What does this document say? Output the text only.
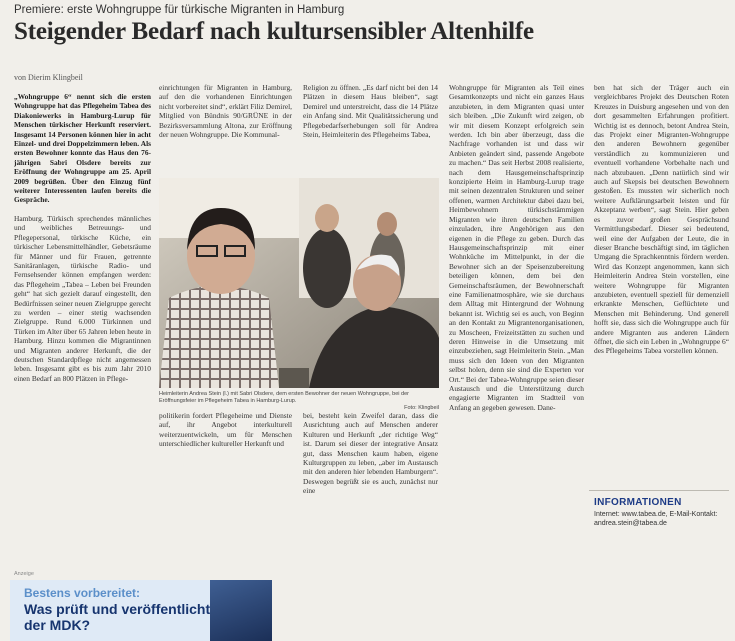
Premiere: erste Wohngruppe für türkische Migranten in Hamburg
Steigender Bedarf nach kultursensibler Altenhilfe
von Dierim Klingbeil

„Wohngruppe 6“ nennt sich die ersten Wohngruppe hat das Pflegeheim Tabea des Diakoniewerks in Hamburg-Lurup für Menschen türkischer Herkunft reserviert. Insgesamt 14 Personen können hier in acht Einzel- und drei Doppelzimmern leben. Als ersten Bewohner konnte das Haus den 76-jährigen Sabri Olsdere bereits zur Eröffnung der Wohngruppe am 25. April 2009 begrüßen. Über den Einzug fünf weiterer Interessenten laufen bereits die Gespräche.

Hamburg. Türkisch sprechendes männliches und weibliches Betreuungs- und Pflegepersonal, türkische Küche, ein türkischer Lebensmittelhändler, Gebetsräume für Männer und für Frauen, getrennte Sanitäranlagen, türkische Radio- und Fernsehsender können empfangen werden: das Pflegeheim „Tabea – Leben bei Freunden geht“ hat sich gezielt darauf eingestellt, den Bedürfnissen seiner neuen Zielgruppe gerecht zu werden – einer stetig wachsenden Zielgruppe. Rund 6.000 Türkinnen und Türken im Alter über 65 Jahren leben heute in Hamburg. Hinzu kommen die Migrantinnen und Migranten anderer Herkunft, die der deutschen Standardpflege nicht angemessen leben. Insgesamt gibt es bis zum Jahr 2010 einen Bedarf an 800 Plätzen in Pflege-

einrichtungen für Migranten in Hamburg, auf den die vorhandenen Einrichtungen nicht vorbereitet sind“, erklärt Filiz Demirel, Mitglied von Bündnis 90/GRÜNE in der Bezirksversammlung Altona, zur Eröffnung der neuen Wohngruppe. Die Kommunal-

Religion zu öffnen. „Es darf nicht bei den 14 Plätzen in diesem Haus bleiben“, sagt Demirel und unterstreicht, dass die 14 Plätze ein Anfang sind. Mit Qualitätssicherung und Pflegebedarfserhebungen soll für Andrea Stein, Heimleiterin des Pflegeheims Tabea,

Heimleiterin Andrea Stein (l.) mit Sabri Olsdere, dem ersten Bewohner der neuen Wohngruppe, bei der Eröffnungsfeier im Pflegeheim Tabea in Hamburg-Lurup.
Foto: Klingbeil

politikerin fordert Pflegeheime und Dienste auf, ihr Angebot interkulturell weiterzuentwickeln, um für Menschen unterschiedlicher kultureller Herkunft und

bei, besteht kein Zweifel daran, dass die Ausrichtung auch auf Menschen anderer Kulturen und Herkunft „der richtige Weg“ ist. Darum sei dieser der integrative Ansatz gut, dass Menschen kaum haben, eigene Kulturgruppen zu leben, „aber im Austausch mit den anderen hier lebenden Hamburgern“. Deswegen begrüßt sie es auch, zunächst nur eine

Wohngruppe für Migranten als Teil eines Gesamtkonzepts und nicht ein ganzes Haus anzubieten, in dem Migranten quasi unter sich bleiben. „Die Zukunft wird zeigen, ob wir mit diesem Konzept erfolgreich sein werden. Ich bin aber überzeugt, dass die Nachfrage vorhanden ist und dass wir Anbieten geändert sind, passende Angebote zu machen.“ Das seit Herbst 2008 realisierte, nach dem Hausgemeinschaftsprinzip konzipierte Heim in Hamburg-Lurup trage mit seinen dezentralen Strukturen und seiner offenen, warmen Architektur dabei dazu bei, Heimbewohnern türkischstämmigen Migranten wie ihren deutschen Familien einzuladen, ihre Angehörigen aus den eigenen in die Pflege zu geben. Durch das Hausgemeinschaftsprinzip mit einer Wohnküche im Mittelpunkt, in der die Bewohner sich an der Speisenzubereitung beteiligen können, dem bei den Gemeinschaftsräumen, der Bewohnerschaft eine Familienatmosphäre, wie sie durchaus dem Alltag mit Hintergrund der Wohnung bekannt ist. Wichtig sei es auch, von Beginn an den Kontakt zu Migrantenorganisationen, zu Moscheen, Freizeitstätten zu suchen und deren Hinweise in die Umsetzung mit einzubeziehen, sagt Heimleiterin Stein. „Man muss sich den Ideen von den Migranten selbst holen, denn sie sind die Experten vor Ort.“ Bei der Tabea-Wohngruppe seien dieser Austausch und die Unterstützung durch engagierte Migranten im Stadtteil von Anfang an gegeben gewesen. Dane-

ben hat sich der Träger auch ein vergleichbares Projekt des Deutschen Roten Kreuzes in Duisburg angesehen und von den dort gesammelten Erfahrungen profitiert. Wichtig ist es dennoch, betont Andrea Stein, das Projekt einer Migranten-Wohngruppe den anderen Bewohnern gegenüber verständlich zu kommunizieren und eventuell vorhandene Vorbehalte nach und nach abzubauen. „Denn natürlich sind wir auch auf Skepsis bei deutschen Bewohnern gestoßen. Es mussten wir sicherlich noch weitere Aufklärungsarbeit leisten und für Akzeptanz werben“, sagt Stein. Hier geben es zuvor großen Gesprächsund Vermittlungsbedarf. Dieser sei bedeutend, weil eine der Aufgaben der Leute, die in dieser Branche beschäftigt sind, im täglichen Umgang die Sprachkenntnis fördern werden. Wird das Konzept angenommen, kann sich Heimleiterin Andrea Stein vorstellen, eine weitere Wohngruppe für Migranten anzubieten, eventuell speziell für demenziell erkrankte Menschen, Geflüchtete und Menschen mit Behinderung. Und generell hofft sie, dass sich die Wohngruppe auch für andere Migranten aus anderen Ländern öffnet, die sich ein Leben in „Wohngruppe 6“ des Pflegeheims Tabea vorstellen können.

INFORMATIONEN
Internet: www.tabea.de, E-Mail-Kontakt: andrea.stein@tabea.de
Anzeige
Bestens vorbereitet:
Was prüft und veröffentlicht der MDK?
